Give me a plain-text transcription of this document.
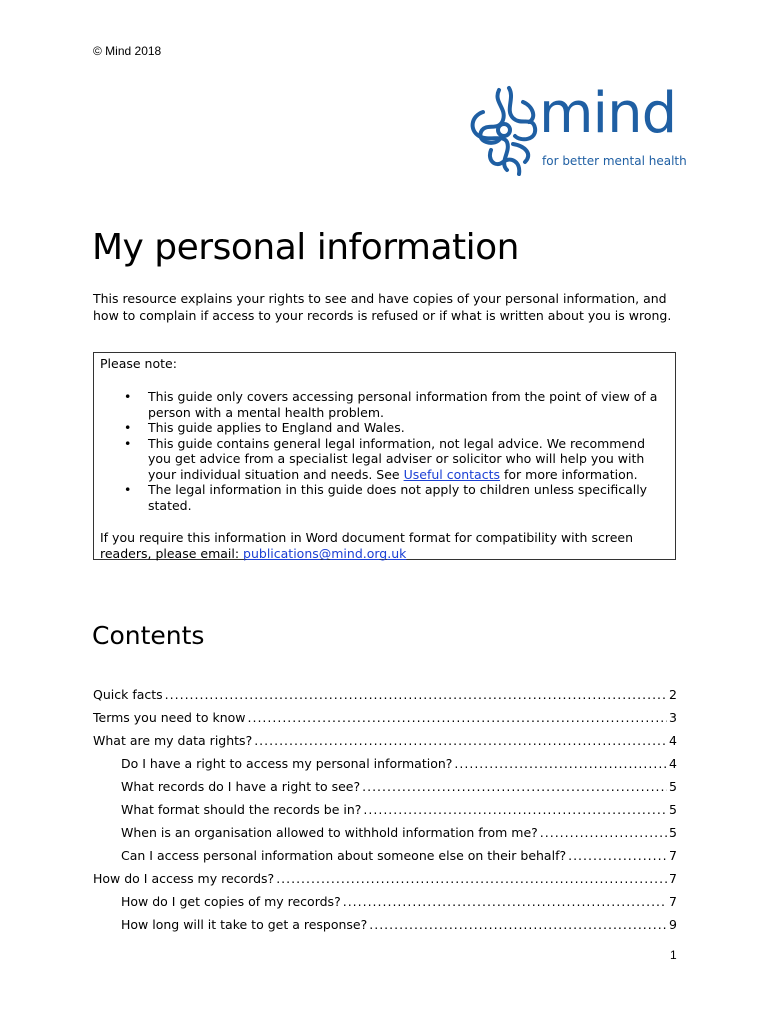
© Mind 2018
mind
for better mental health
My personal information

This resource explains your rights to see and have copies of your personal information, and how to complain if access to your records is refused or if what is written about you is wrong.

Please note:
• This guide only covers accessing personal information from the point of view of a person with a mental health problem.
• This guide applies to England and Wales.
• This guide contains general legal information, not legal advice. We recommend you get advice from a specialist legal adviser or solicitor who will help you with your individual situation and needs. See Useful contacts for more information.
• The legal information in this guide does not apply to children unless specifically stated.
If you require this information in Word document format for compatibility with screen readers, please email: publications@mind.org.uk
Contents
Quick facts .....	2
Terms you need to know .....	3
What are my data rights? .....	4
Do I have a right to access my personal information? .....	4
What records do I have a right to see? .....	5
What format should the records be in? .....	5
When is an organisation allowed to withhold information from me? .....	5
Can I access personal information about someone else on their behalf? .....	7
How do I access my records? .....	7
How do I get copies of my records? .....	7
How long will it take to get a response? .....	9
1
